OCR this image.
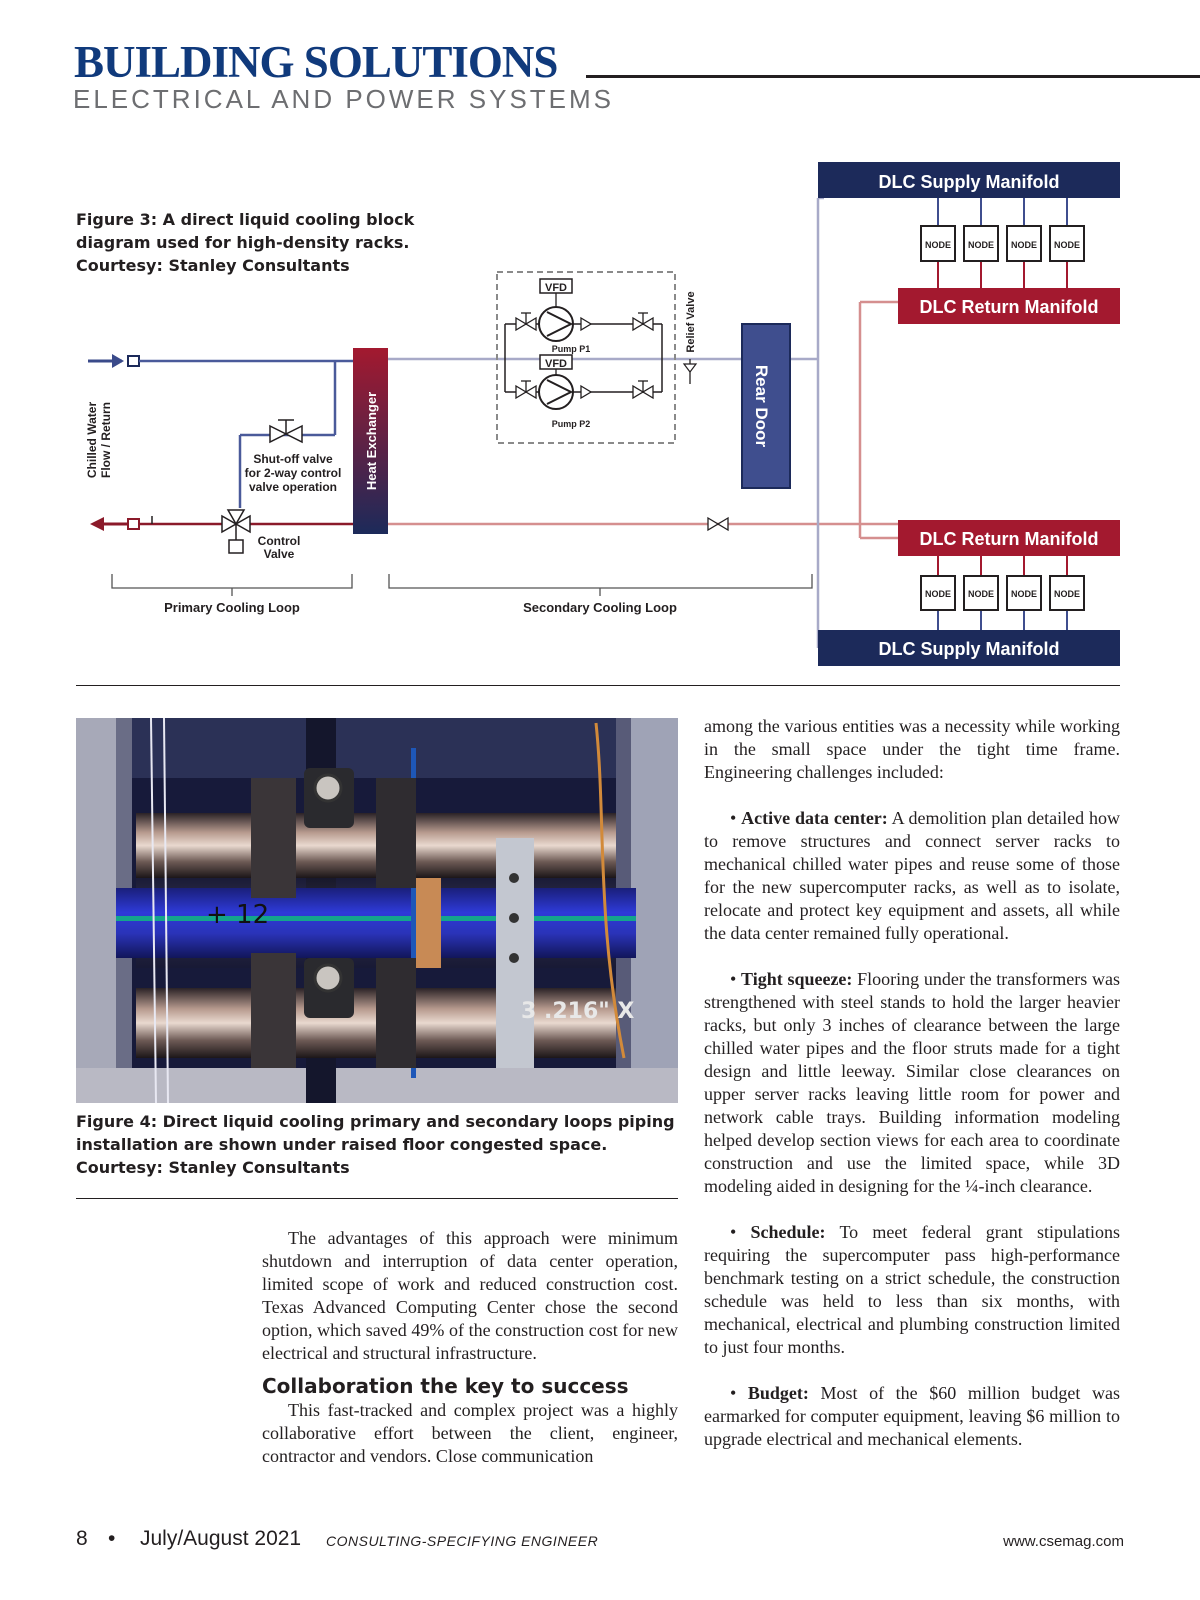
BUILDING SOLUTIONS
ELECTRICAL AND POWER SYSTEMS
Shut-off valve
for 2-way control
valve operation
Control
Valve
Chilled Water Flow / Return	Heat Exchanger
VFD
Pump P1
VFD
Pump P2
Relief Valve
Rear Door
DLC Supply Manifold
NODE NODE NODE NODE
DLC Return Manifold
DLC Return Manifold
NODE NODE NODE NODE
DLC Supply Manifold
Primary Cooling Loop	Secondary Cooling Loop
Figure 3: A direct liquid cooling block diagram used for high-density racks. Courtesy: Stanley Consultants
+ 12
3 .216" X
Figure 4: Direct liquid cooling primary and secondary loops piping installation are shown under raised floor congested space. Courtesy: Stanley Consultants

The advantages of this approach were minimum shutdown and interruption of data center operation, limited scope of work and reduced construction cost. Texas Advanced Computing Center chose the second option, which saved 49% of the construction cost for new electrical and structural infrastructure.

Collaboration the key to success

This fast-tracked and complex project was a highly collaborative effort between the client, engineer, contractor and vendors. Close communication

among the various entities was a necessity while working in the small space under the tight time frame. Engineering challenges included:

• Active data center: A demolition plan detailed how to remove structures and connect server racks to mechanical chilled water pipes and reuse some of those for the new supercomputer racks, as well as to isolate, relocate and protect key equipment and assets, all while the data center remained fully operational.

• Tight squeeze: Flooring under the transformers was strengthened with steel stands to hold the larger heavier racks, but only 3 inches of clearance between the large chilled water pipes and the floor struts made for a tight design and little leeway. Similar close clearances on upper server racks leaving little room for power and network cable trays. Building information modeling helped develop section views for each area to coordinate construction and use the limited space, while 3D modeling aided in designing for the ¼-inch clearance.

• Schedule: To meet federal grant stipulations requiring the supercomputer pass high-performance benchmark testing on a strict schedule, the construction schedule was held to less than six months, with mechanical, electrical and plumbing construction limited to just four months.

• Budget: Most of the $60 million budget was earmarked for computer equipment, leaving $6 million to upgrade electrical and mechanical elements.

8 • July/August 2021 CONSULTING-SPECIFYING ENGINEER	www.csemag.com
